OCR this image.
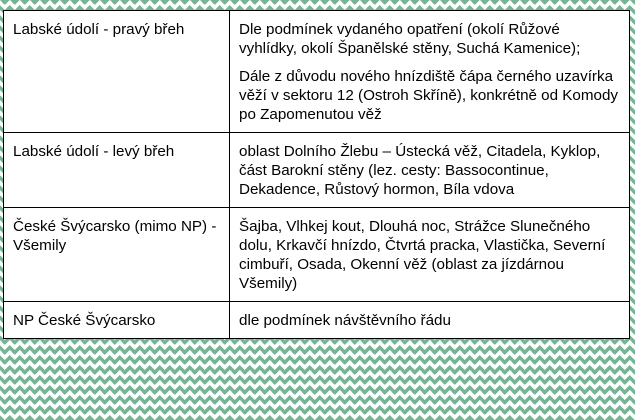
Labské údolí - pravý břeh	Dle podmínek vydaného opatření (okolí Růžové vyhlídky, okolí Španělské stěny, Suchá Kamenice);

Dále z důvodu nového hnízdiště čápa černého uzavírka věží v sektoru 12 (Ostroh Skříně), konkrétně od Komody po Zapomenutou věž

Labské údolí - levý břeh	oblast Dolního Žlebu – Ústecká věž, Citadela, Kyklop, část Barokní stěny (lez. cesty: Bassocontinue, Dekadence, Růstový hormon, Bíla vdova

České Švýcarsko (mimo NP) - Všemily	Šajba, Vlhkej kout, Dlouhá noc, Strážce Slunečného dolu, Krkavčí hnízdo, Čtvrtá pracka, Vlastička, Severní cimbuří, Osada, Okenní věž (oblast za jízdárnou Všemily)

NP České Švýcarsko	dle podmínek návštěvního řádu
